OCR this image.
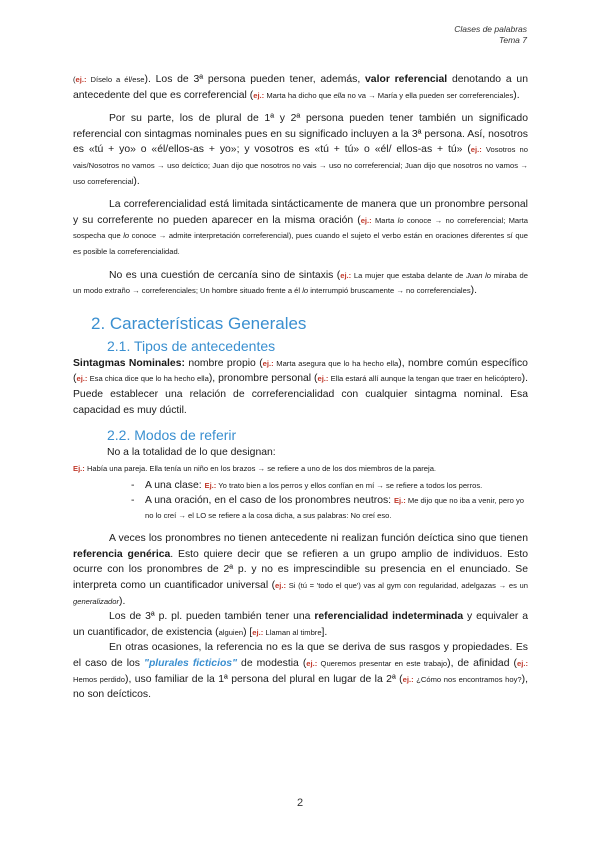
Clases de palabras
Tema 7

(ej.: Díselo a él/ese). Los de 3ª persona pueden tener, además, valor referencial denotando a un antecedente del que es correferencial (ej.: Marta ha dicho que ella no va → María y ella pueden ser correferenciales).

Por su parte, los de plural de 1ª y 2ª persona pueden tener también un significado referencial con sintagmas nominales pues en su significado incluyen a la 3ª persona. Así, nosotros es «tú + yo» o «él/ellos-as + yo»; y vosotros es «tú + tú» o «él/ ellos-as + tú» (ej.: Vosotros no vais/Nosotros no vamos → uso deíctico; Juan dijo que nosotros no vais → uso no correferencial; Juan dijo que nosotros no vamos → uso correferencial).

La correferencialidad está limitada sintácticamente de manera que un pronombre personal y su correferente no pueden aparecer en la misma oración (ej.: Marta lo conoce → no correferencial; Marta sospecha que lo conoce → admite interpretación correferencial), pues cuando el sujeto el verbo están en oraciones diferentes sí que es posible la correferencialidad.

No es una cuestión de cercanía sino de sintaxis (ej.: La mujer que estaba delante de Juan lo miraba de un modo extraño → correferenciales; Un hombre situado frente a él lo interrumpió bruscamente → no correferenciales).

2. Características Generales
2.1. Tipos de antecedentes

Sintagmas Nominales: nombre propio (ej.: Marta asegura que lo ha hecho ella), nombre común específico (ej.: Esa chica dice que lo ha hecho ella), pronombre personal (ej.: Ella estará allí aunque la tengan que traer en helicóptero). Puede establecer una relación de correferencialidad con cualquier sintagma nominal. Esa capacidad es muy dúctil.

2.2. Modos de referir

No a la totalidad de lo que designan:

Ej.: Había una pareja. Ella tenía un niño en los brazos → se refiere a uno de los dos miembros de la pareja.

- A una clase: Ej.: Yo trato bien a los perros y ellos confían en mí → se refiere a todos los perros.
- A una oración, en el caso de los pronombres neutros: Ej.: Me dijo que no iba a venir, pero yo no lo creí → el LO se refiere a la cosa dicha, a sus palabras: No creí eso.

A veces los pronombres no tienen antecedente ni realizan función deíctica sino que tienen referencia genérica. Esto quiere decir que se refieren a un grupo amplio de individuos. Esto ocurre con los pronombres de 2ª p. y no es imprescindible su presencia en el enunciado. Se interpreta como un cuantificador universal (ej.: Si (tú = 'todo el que') vas al gym con regularidad, adelgazas → es un generalizador).

Los de 3ª p. pl. pueden también tener una referencialidad indeterminada y equivaler a un cuantificador, de existencia (alguien) [ej.: Llaman al timbre].

En otras ocasiones, la referencia no es la que se deriva de sus rasgos y propiedades. Es el caso de los "plurales ficticios" de modestia (ej.: Queremos presentar en este trabajo), de afinidad (ej.: Hemos perdido), uso familiar de la 1ª persona del plural en lugar de la 2ª (ej.: ¿Cómo nos encontramos hoy?), no son deícticos.

2
